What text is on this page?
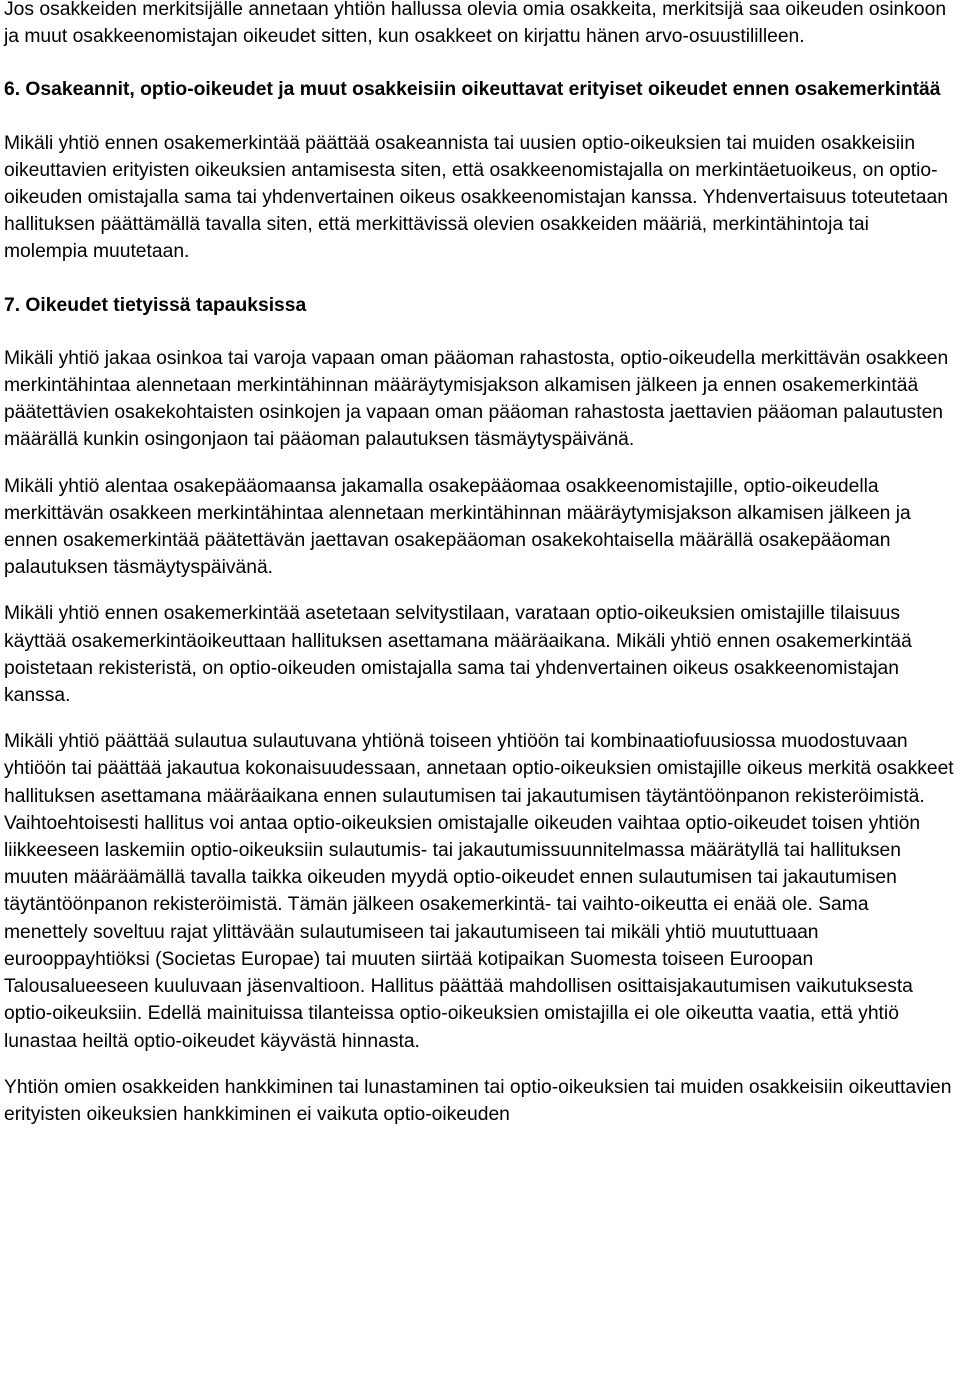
Jos osakkeiden merkitsijälle annetaan yhtiön hallussa olevia omia osakkeita, merkitsijä saa oikeuden osinkoon ja muut osakkeenomistajan oikeudet sitten, kun osakkeet on kirjattu hänen arvo-osuustililleen.

6. Osakeannit, optio-oikeudet ja muut osakkeisiin oikeuttavat erityiset oikeudet ennen osakemerkintää

Mikäli yhtiö ennen osakemerkintää päättää osakeannista tai uusien optio-oikeuksien tai muiden osakkeisiin oikeuttavien erityisten oikeuksien antamisesta siten, että osakkeenomistajalla on merkintäetuoikeus, on optio-oikeuden omistajalla sama tai yhdenvertainen oikeus osakkeenomistajan kanssa. Yhdenvertaisuus toteutetaan hallituksen päättämällä tavalla siten, että merkittävissä olevien osakkeiden määriä, merkintähintoja tai molempia muutetaan.

7. Oikeudet tietyissä tapauksissa

Mikäli yhtiö jakaa osinkoa tai varoja vapaan oman pääoman rahastosta, optio-oikeudella merkittävän osakkeen merkintähintaa alennetaan merkintähinnan määräytymisjakson alkamisen jälkeen ja ennen osakemerkintää päätettävien osakekohtaisten osinkojen ja vapaan oman pääoman rahastosta jaettavien pääoman palautusten määrällä kunkin osingonjaon tai pääoman palautuksen täsmäytyspäivänä.

Mikäli yhtiö alentaa osakepääomaansa jakamalla osakepääomaa osakkeenomistajille, optio-oikeudella merkittävän osakkeen merkintähintaa alennetaan merkintähinnan määräytymisjakson alkamisen jälkeen ja ennen osakemerkintää päätettävän jaettavan osakepääoman osakekohtaisella määrällä osakepääoman palautuksen täsmäytyspäivänä.

Mikäli yhtiö ennen osakemerkintää asetetaan selvitystilaan, varataan optio-oikeuksien omistajille tilaisuus käyttää osakemerkintäoikeuttaan hallituksen asettamana määräaikana. Mikäli yhtiö ennen osakemerkintää poistetaan rekisteristä, on optio-oikeuden omistajalla sama tai yhdenvertainen oikeus osakkeenomistajan kanssa.

Mikäli yhtiö päättää sulautua sulautuvana yhtiönä toiseen yhtiöön tai kombinaatiofuusiossa muodostuvaan yhtiöön tai päättää jakautua kokonaisuudessaan, annetaan optio-oikeuksien omistajille oikeus merkitä osakkeet hallituksen asettamana määräaikana ennen sulautumisen tai jakautumisen täytäntöönpanon rekisteröimistä. Vaihtoehtoisesti hallitus voi antaa optio-oikeuksien omistajalle oikeuden vaihtaa optio-oikeudet toisen yhtiön liikkeeseen laskemiin optio-oikeuksiin sulautumis- tai jakautumissuunnitelmassa määrätyllä tai hallituksen muuten määräämällä tavalla taikka oikeuden myydä optio-oikeudet ennen sulautumisen tai jakautumisen täytäntöönpanon rekisteröimistä. Tämän jälkeen osakemerkintä- tai vaihto-oikeutta ei enää ole. Sama menettely soveltuu rajat ylittävään sulautumiseen tai jakautumiseen tai mikäli yhtiö muututtuaan eurooppayhtiöksi (Societas Europae) tai muuten siirtää kotipaikan Suomesta toiseen Euroopan Talousalueeseen kuuluvaan jäsenvaltioon. Hallitus päättää mahdollisen osittaisjakautumisen vaikutuksesta optio-oikeuksiin. Edellä mainituissa tilanteissa optio-oikeuksien omistajilla ei ole oikeutta vaatia, että yhtiö lunastaa heiltä optio-oikeudet käyvästä hinnasta.

Yhtiön omien osakkeiden hankkiminen tai lunastaminen tai optio-oikeuksien tai muiden osakkeisiin oikeuttavien erityisten oikeuksien hankkiminen ei vaikuta optio-oikeuden
